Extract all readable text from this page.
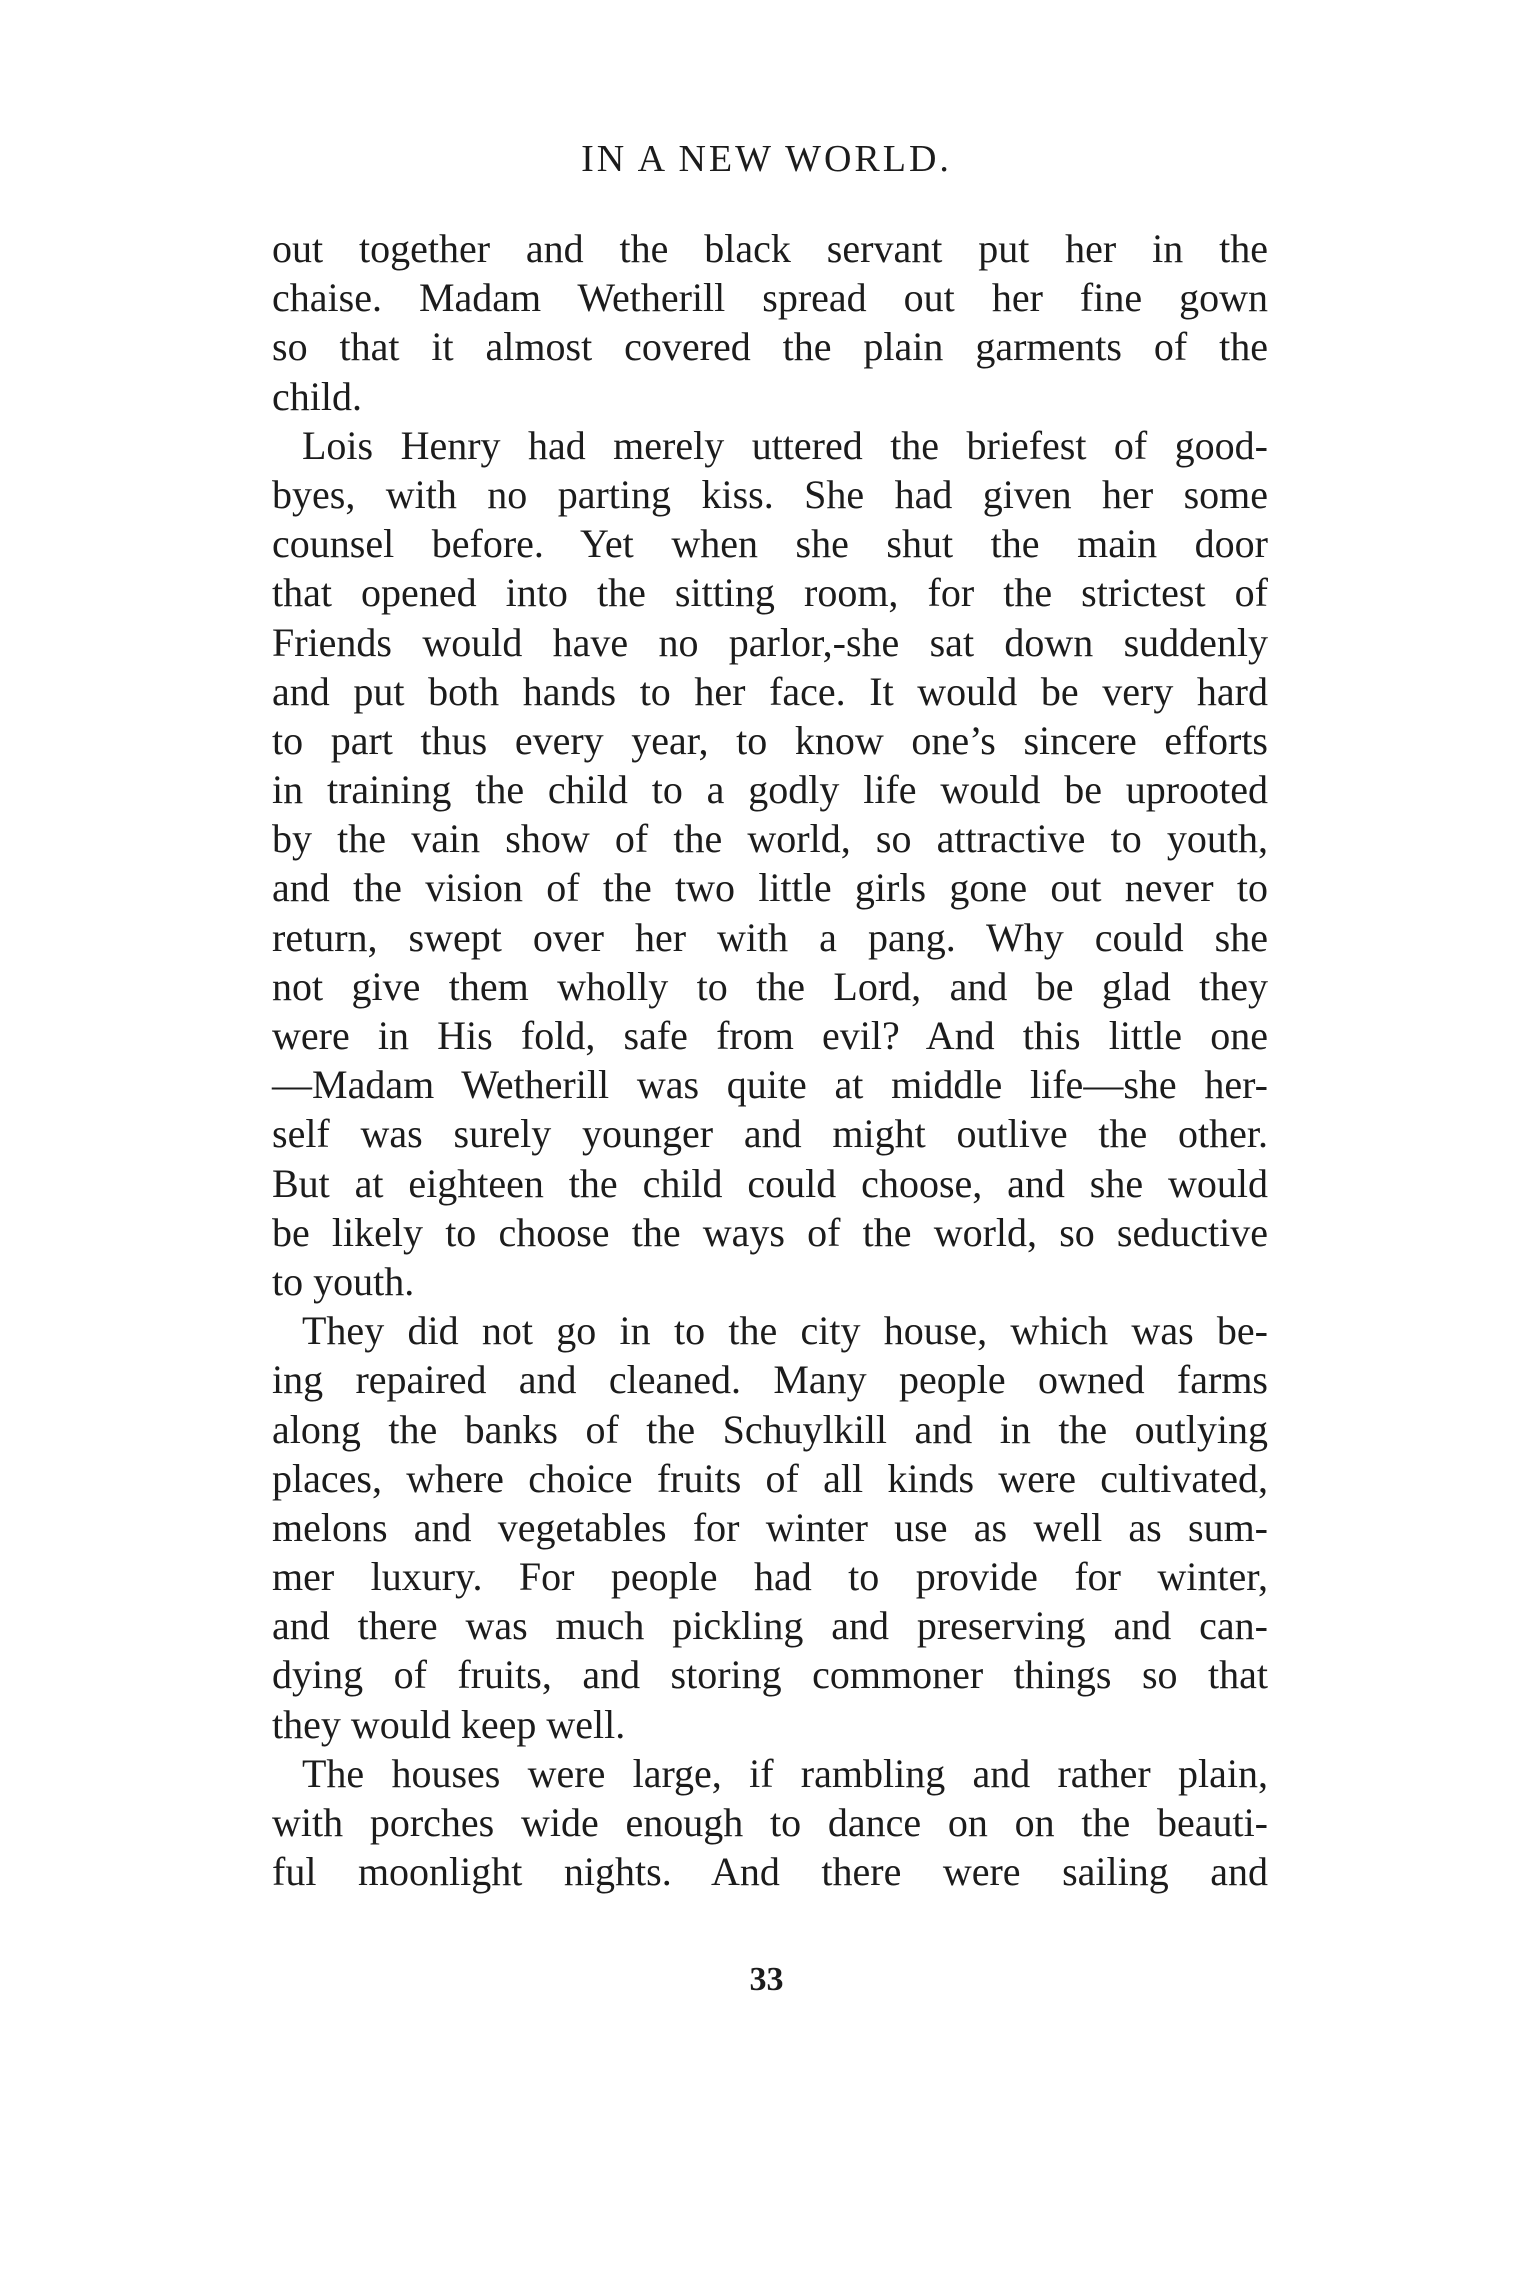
IN A NEW WORLD.
out together and the black servant put her in the
chaise. Madam Wetherill spread out her fine gown
so that it almost covered the plain garments of the
child.
Lois Henry had merely uttered the briefest of good-
byes, with no parting kiss. She had given her some
counsel before. Yet when she shut the main door
that opened into the sitting room, for the strictest of
Friends would have no parlor,-she sat down suddenly
and put both hands to her face. It would be very hard
to part thus every year, to know one’s sincere efforts
in training the child to a godly life would be uprooted
by the vain show of the world, so attractive to youth,
and the vision of the two little girls gone out never to
return, swept over her with a pang. Why could she
not give them wholly to the Lord, and be glad they
were in His fold, safe from evil? And this little one
—Madam Wetherill was quite at middle life—she her-
self was surely younger and might outlive the other.
But at eighteen the child could choose, and she would
be likely to choose the ways of the world, so seductive
to youth.
They did not go in to the city house, which was be-
ing repaired and cleaned. Many people owned farms
along the banks of the Schuylkill and in the outlying
places, where choice fruits of all kinds were cultivated,
melons and vegetables for winter use as well as sum-
mer luxury. For people had to provide for winter,
and there was much pickling and preserving and can-
dying of fruits, and storing commoner things so that
they would keep well.
The houses were large, if rambling and rather plain,
with porches wide enough to dance on on the beauti-
ful moonlight nights. And there were sailing and
33
